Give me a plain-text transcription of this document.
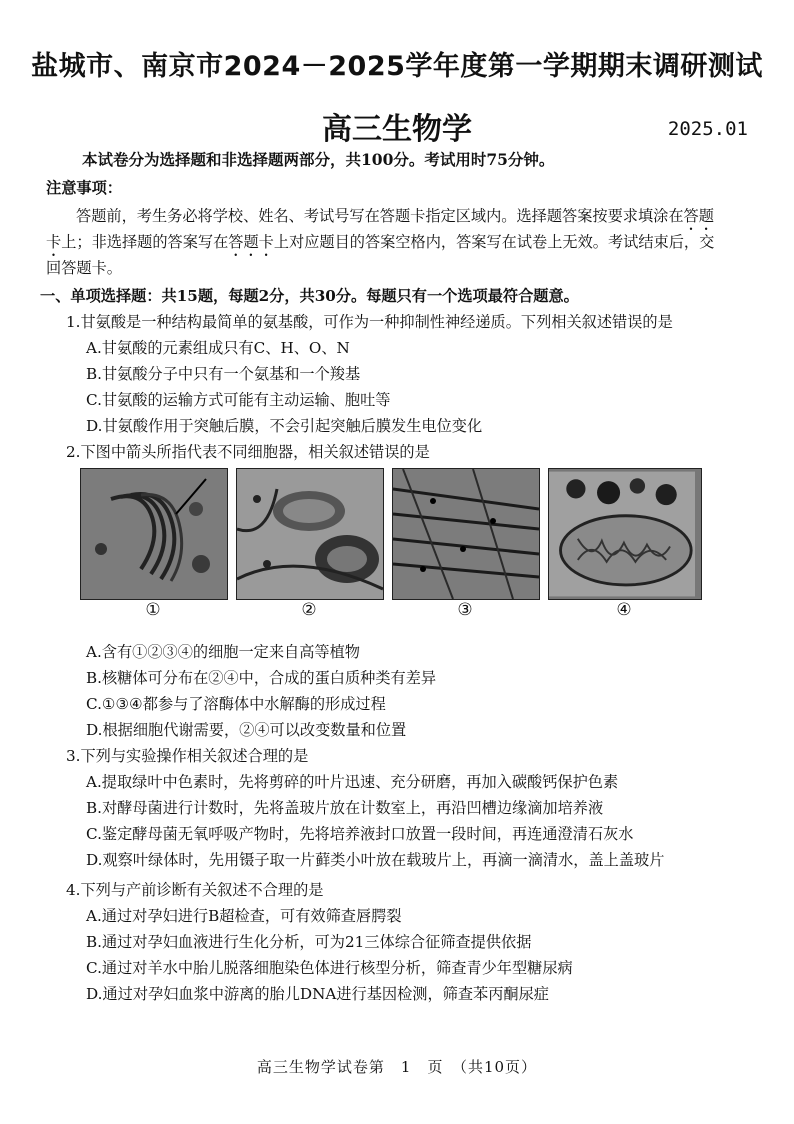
盐城市、南京市2024－2025学年度第一学期期末调研测试
高三生物学	2025.01
本试卷分为选择题和非选择题两部分，共100分。考试用时75分钟。
注意事项：
答题前，考生务必将学校、姓名、考试号写在答题卡指定区域内。选择题答案按要求填涂在答题
卡上；非选择题的答案写在答题卡上对应题目的答案空格内，答案写在试卷上无效。考试结束后，交
回答题卡。
一、单项选择题：共15题，每题2分，共30分。每题只有一个选项最符合题意。
1.甘氨酸是一种结构最简单的氨基酸，可作为一种抑制性神经递质。下列相关叙述错误的是
A.甘氨酸的元素组成只有C、H、O、N
B.甘氨酸分子中只有一个氨基和一个羧基
C.甘氨酸的运输方式可能有主动运输、胞吐等
D.甘氨酸作用于突触后膜，不会引起突触后膜发生电位变化
2.下图中箭头所指代表不同细胞器，相关叙述错误的是
①	②	③	④
A.含有①②③④的细胞一定来自高等植物
B.核糖体可分布在②④中，合成的蛋白质种类有差异
C.①③④都参与了溶酶体中水解酶的形成过程
D.根据细胞代谢需要，②④可以改变数量和位置
3.下列与实验操作相关叙述合理的是
A.提取绿叶中色素时，先将剪碎的叶片迅速、充分研磨，再加入碳酸钙保护色素
B.对酵母菌进行计数时，先将盖玻片放在计数室上，再沿凹槽边缘滴加培养液
C.鉴定酵母菌无氧呼吸产物时，先将培养液封口放置一段时间，再连通澄清石灰水
D.观察叶绿体时，先用镊子取一片藓类小叶放在载玻片上，再滴一滴清水，盖上盖玻片
4.下列与产前诊断有关叙述不合理的是
A.通过对孕妇进行B超检查，可有效筛查唇腭裂
B.通过对孕妇血液进行生化分析，可为21三体综合征筛查提供依据
C.通过对羊水中胎儿脱落细胞染色体进行核型分析，筛查青少年型糖尿病
D.通过对孕妇血浆中游离的胎儿DNA进行基因检测，筛查苯丙酮尿症
高三生物学试卷第　1　页　（共10页）
